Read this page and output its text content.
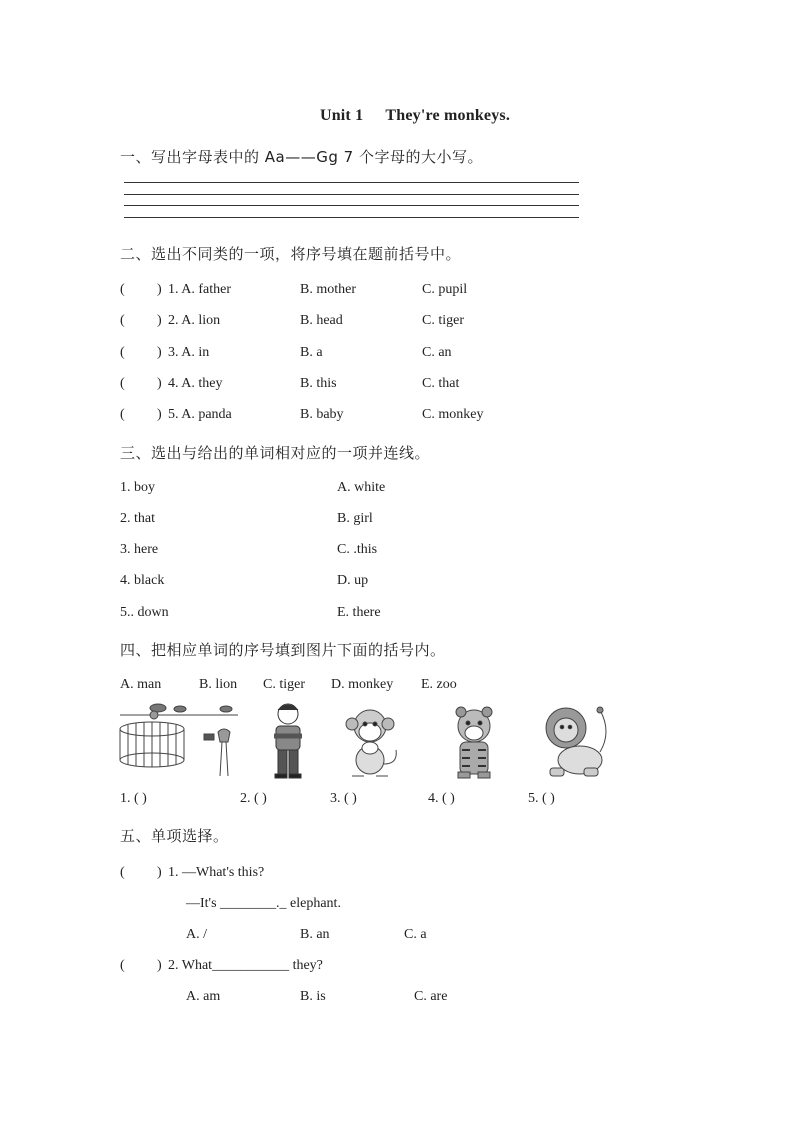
Unit 1 They're monkeys.
一、写出字母表中的 Aa——Gg 7 个字母的大小写。
二、选出不同类的一项，将序号填在题前括号中。
( ) 1. A. father	B. mother	C. pupil
( ) 2. A. lion	B. head	C. tiger
( ) 3. A. in	B. a	C. an
( ) 4. A. they	B. this	C. that
( ) 5. A. panda	B. baby	C. monkey
三、选出与给出的单词相对应的一项并连线。
1. boy	A. white
2. that	B. girl
3. here	C. .this
4. black	D. up
5.. down	E. there
四、把相应单词的序号填到图片下面的括号内。
A. man	B. lion C. tiger D. monkey E. zoo
1. ( )	2. ( )	3. ( )	4. ( )	5. ( )
五、单项选择。
( ) 1. —What's this?
—It's ________._ elephant.
A. /	B. an	C. a
( ) 2. What___________ they?
A. am	B. is	C. are
